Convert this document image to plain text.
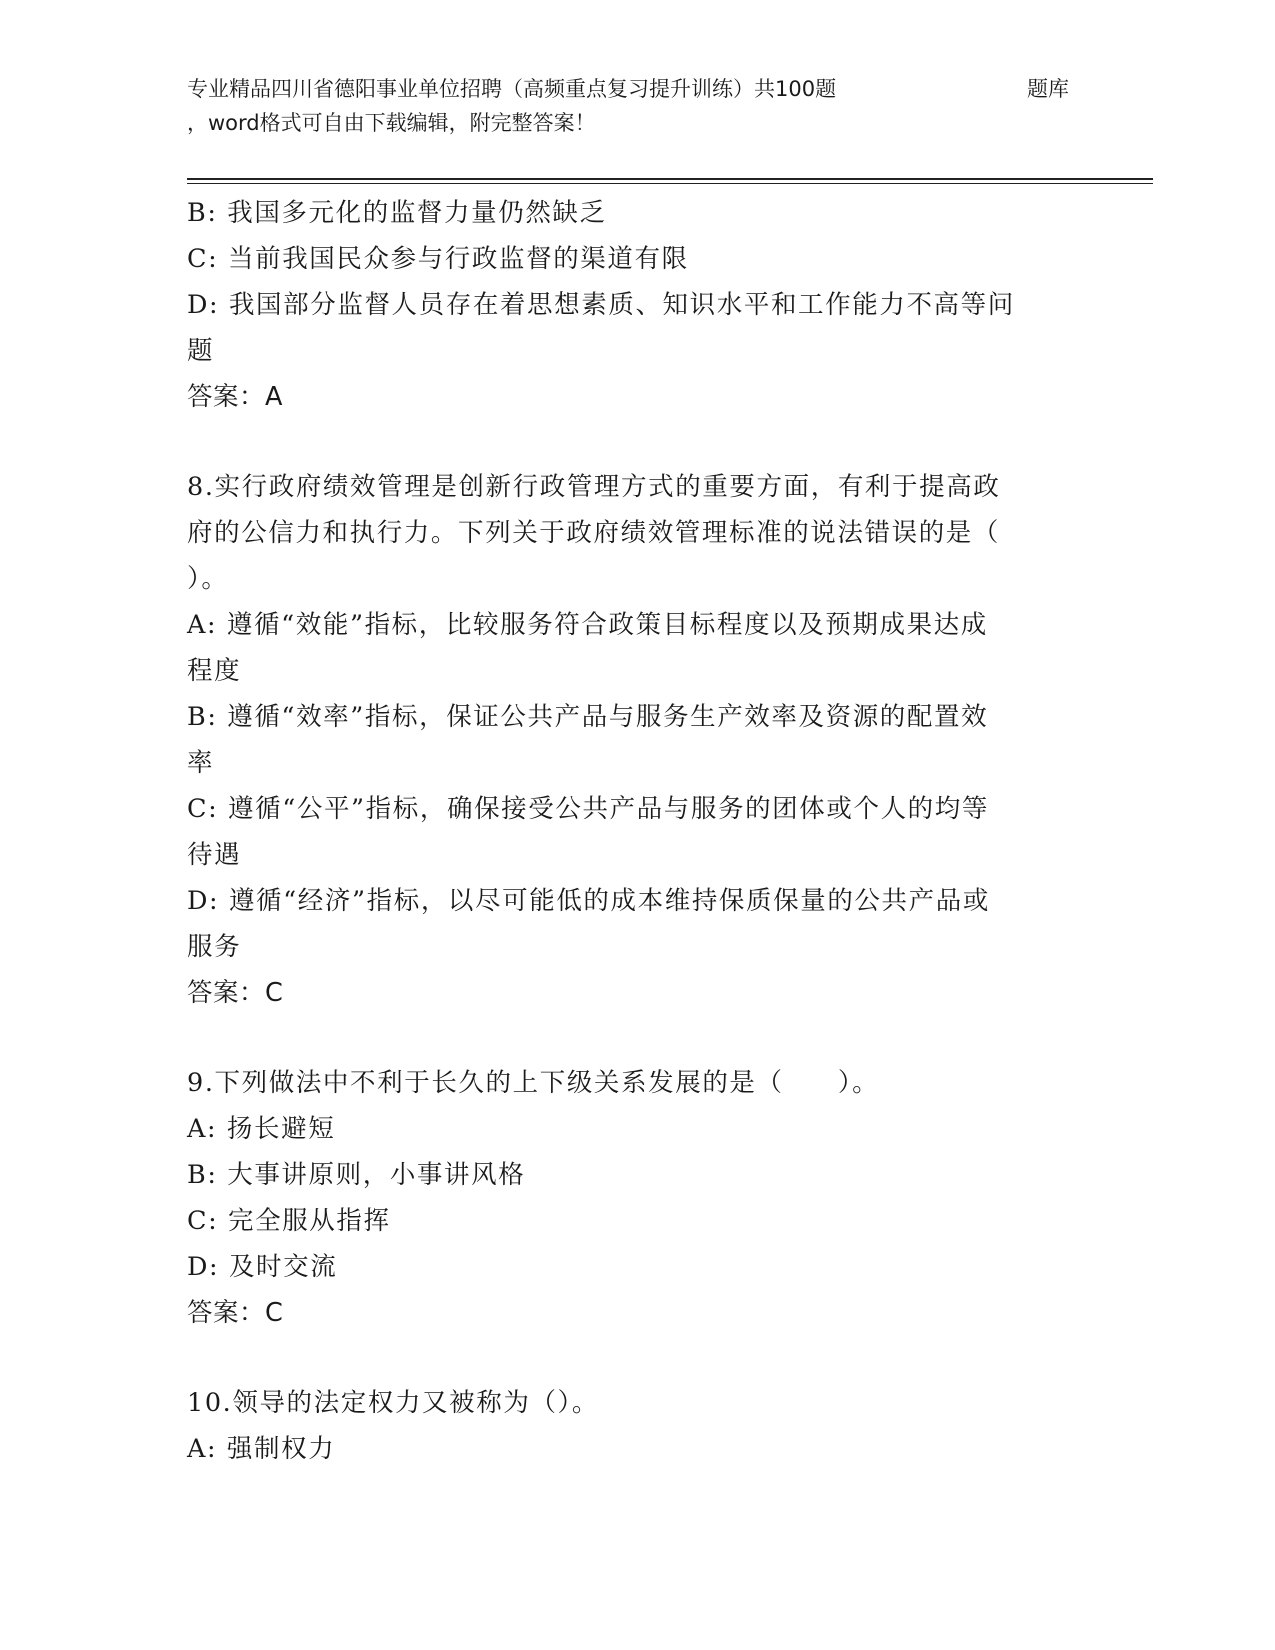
专业精品四川省德阳事业单位招聘（高频重点复习提升训练）共100题	题库
，word格式可自由下载编辑，附完整答案！
B: 我国多元化的监督力量仍然缺乏
C: 当前我国民众参与行政监督的渠道有限
D: 我国部分监督人员存在着思想素质、知识水平和工作能力不高等问
题
答案：A
8.实行政府绩效管理是创新行政管理方式的重要方面，有利于提高政
府的公信力和执行力。下列关于政府绩效管理标准的说法错误的是（
）。
A: 遵循“效能”指标，比较服务符合政策目标程度以及预期成果达成
程度
B: 遵循“效率”指标，保证公共产品与服务生产效率及资源的配置效
率
C: 遵循“公平”指标，确保接受公共产品与服务的团体或个人的均等
待遇
D: 遵循“经济”指标，以尽可能低的成本维持保质保量的公共产品或
服务
答案：C
9.下列做法中不利于长久的上下级关系发展的是（　　）。
A: 扬长避短
B: 大事讲原则，小事讲风格
C: 完全服从指挥
D: 及时交流
答案：C
10.领导的法定权力又被称为（）。
A: 强制权力
